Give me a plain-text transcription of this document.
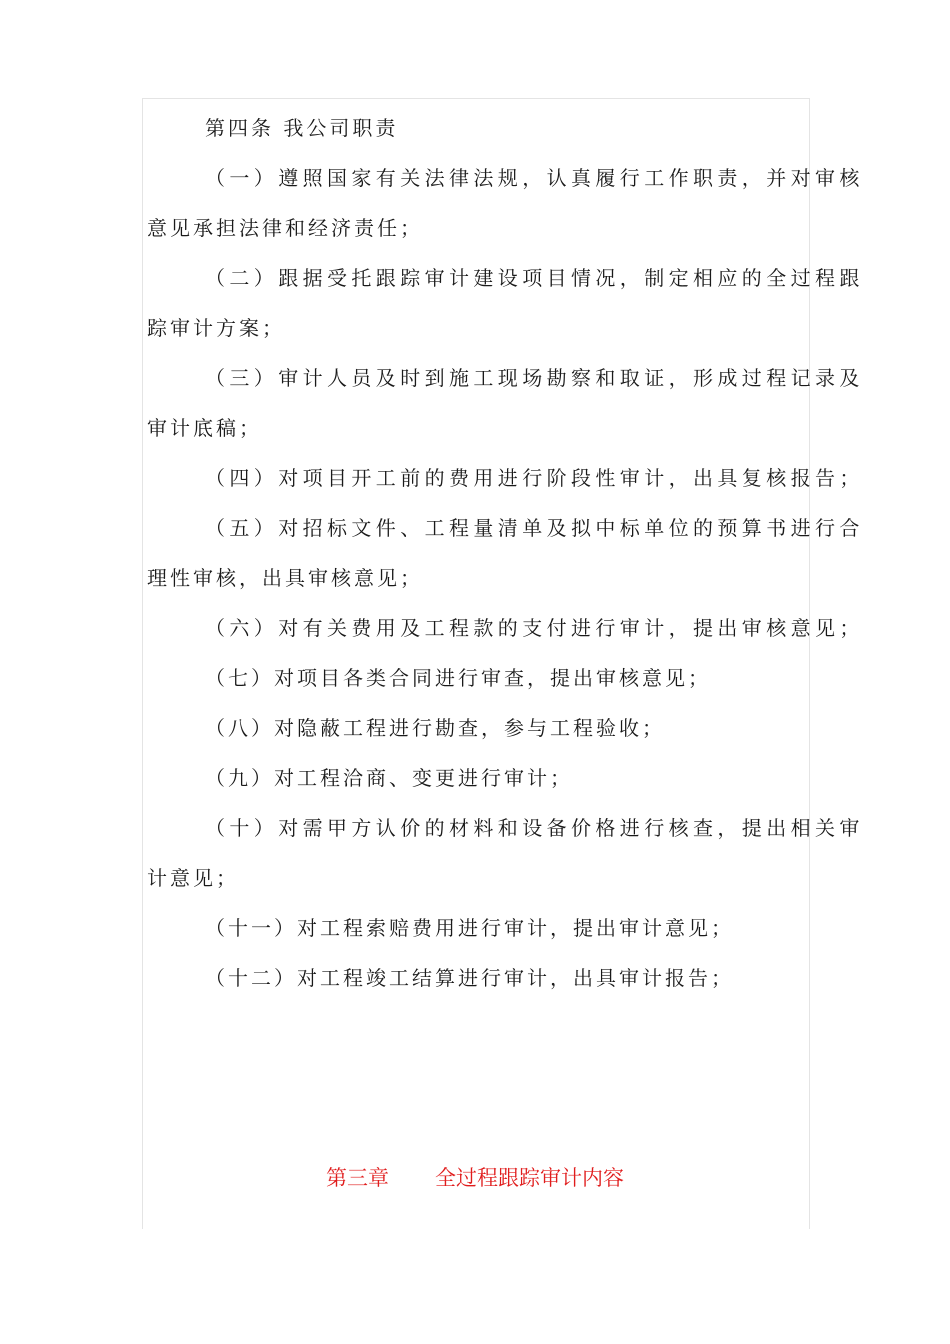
第四条 我公司职责
（一）遵照国家有关法律法规，认真履行工作职责，并对审核
意见承担法律和经济责任；
（二）跟据受托跟踪审计建设项目情况，制定相应的全过程跟
踪审计方案；
（三）审计人员及时到施工现场勘察和取证，形成过程记录及
审计底稿；
（四）对项目开工前的费用进行阶段性审计，出具复核报告；
（五）对招标文件、工程量清单及拟中标单位的预算书进行合
理性审核，出具审核意见；
（六）对有关费用及工程款的支付进行审计，提出审核意见；
（七）对项目各类合同进行审查，提出审核意见；
（八）对隐蔽工程进行勘查，参与工程验收；
（九）对工程洽商、变更进行审计；
（十）对需甲方认价的材料和设备价格进行核查，提出相关审
计意见；
（十一）对工程索赔费用进行审计，提出审计意见；
（十二）对工程竣工结算进行审计，出具审计报告；
第三章 全过程跟踪审计内容
